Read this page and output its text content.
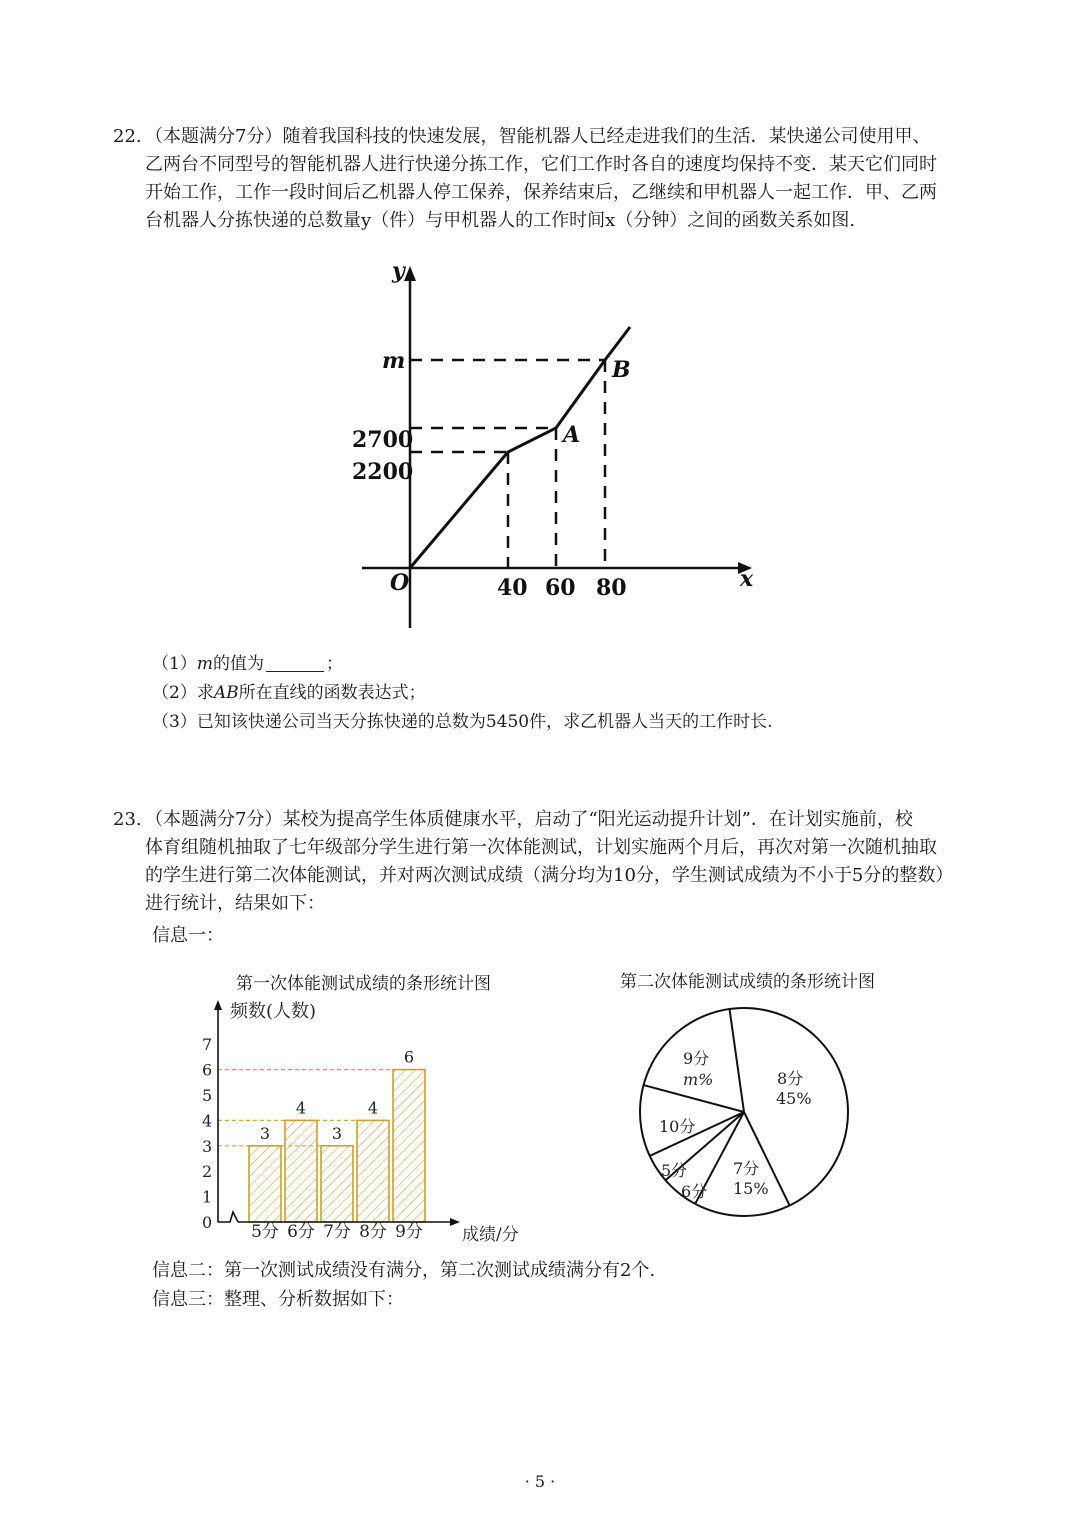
22. （本题满分7分）随着我国科技的快速发展，智能机器人已经走进我们的生活．某快递公司使用甲、
乙两台不同型号的智能机器人进行快递分拣工作，它们工作时各自的速度均保持不变．某天它们同时
开始工作，工作一段时间后乙机器人停工保养，保养结束后，乙继续和甲机器人一起工作．甲、乙两
台机器人分拣快递的总数量y（件）与甲机器人的工作时间x（分钟）之间的函数关系如图.
y
x
O
m
2700
2200
40 60 80
A
B
（1）m的值为	；
（2）求AB所在直线的函数表达式；
（3）已知该快递公司当天分拣快递的总数为5450件，求乙机器人当天的工作时长.
23. （本题满分7分）某校为提高学生体质健康水平，启动了“阳光运动提升计划”．在计划实施前，校
体育组随机抽取了七年级部分学生进行第一次体能测试，计划实施两个月后，再次对第一次随机抽取
的学生进行第二次体能测试，并对两次测试成绩（满分均为10分，学生测试成绩为不小于5分的整数）
进行统计，结果如下：
信息一：
第一次体能测试成绩的条形统计图	第二次体能测试成绩的条形统计图
3
4
3
4
6
0
1
2
3
4
5
6
7
5分 6分 7分 8分 9分
频数(人数)
成绩/分
9分
m%	8分
45%
10分
7分
15%
5分
6分
信息二：第一次测试成绩没有满分，第二次测试成绩满分有2个.
信息三：整理、分析数据如下：
· 5 ·
